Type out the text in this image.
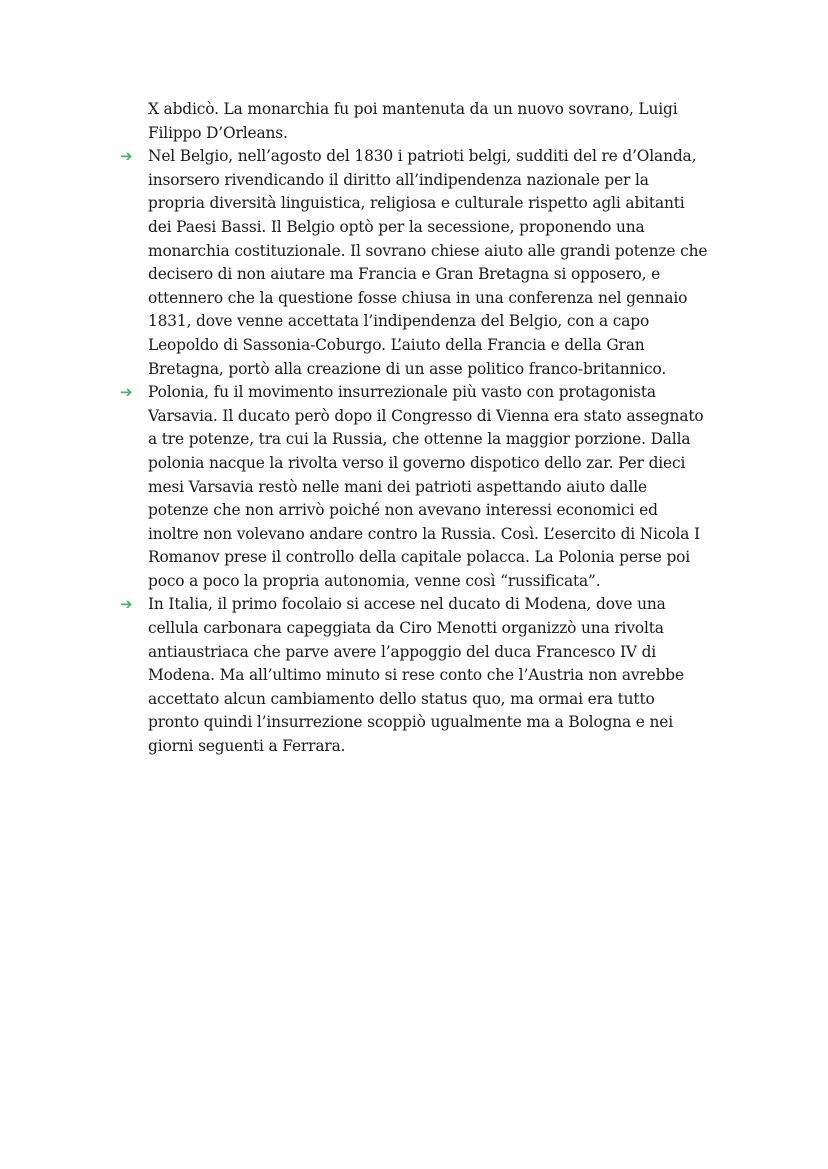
X abdicò. La monarchia fu poi mantenuta da un nuovo sovrano, Luigi
Filippo D’Orleans.

➔ Nel Belgio, nell’agosto del 1830 i patrioti belgi, sudditi del re d’Olanda,
insorsero rivendicando il diritto all’indipendenza nazionale per la
propria diversità linguistica, religiosa e culturale rispetto agli abitanti
dei Paesi Bassi. Il Belgio optò per la secessione, proponendo una
monarchia costituzionale. Il sovrano chiese aiuto alle grandi potenze che
decisero di non aiutare ma Francia e Gran Bretagna si opposero, e
ottennero che la questione fosse chiusa in una conferenza nel gennaio
1831, dove venne accettata l’indipendenza del Belgio, con a capo
Leopoldo di Sassonia-Coburgo. L’aiuto della Francia e della Gran
Bretagna, portò alla creazione di un asse politico franco-britannico.
➔ Polonia, fu il movimento insurrezionale più vasto con protagonista
Varsavia. Il ducato però dopo il Congresso di Vienna era stato assegnato
a tre potenze, tra cui la Russia, che ottenne la maggior porzione. Dalla
polonia nacque la rivolta verso il governo dispotico dello zar. Per dieci
mesi Varsavia restò nelle mani dei patrioti aspettando aiuto dalle
potenze che non arrivò poiché non avevano interessi economici ed
inoltre non volevano andare contro la Russia. Così. L’esercito di Nicola I
Romanov prese il controllo della capitale polacca. La Polonia perse poi
poco a poco la propria autonomia, venne così “russificata”.
➔ In Italia, il primo focolaio si accese nel ducato di Modena, dove una
cellula carbonara capeggiata da Ciro Menotti organizzò una rivolta
antiaustriaca che parve avere l’appoggio del duca Francesco IV di
Modena. Ma all’ultimo minuto si rese conto che l’Austria non avrebbe
accettato alcun cambiamento dello status quo, ma ormai era tutto
pronto quindi l’insurrezione scoppiò ugualmente ma a Bologna e nei
giorni seguenti a Ferrara.
